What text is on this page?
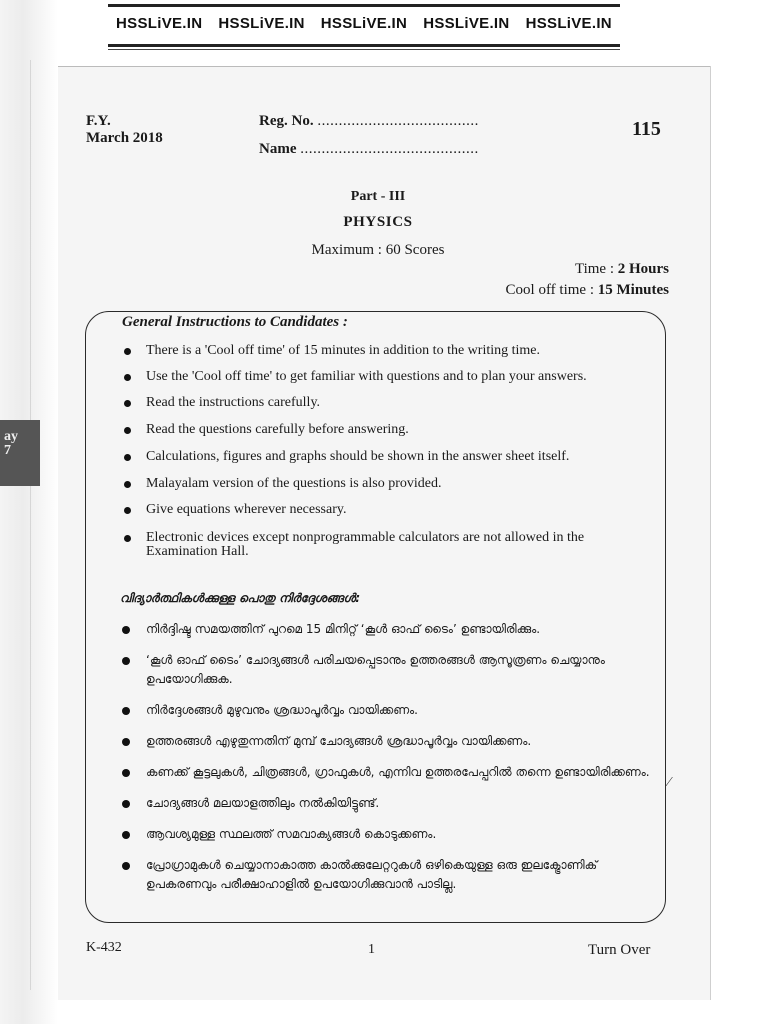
ay
7
HSSLiVE.IN HSSLiVE.IN HSSLiVE.IN HSSLiVE.IN HSSLiVE.IN
F.Y.
March 2018
Reg. No. ......................................
Name ..........................................
115
Part - III
PHYSICS
Maximum : 60 Scores
Time : 2 Hours
Cool off time : 15 Minutes
General Instructions to Candidates :
There is a 'Cool off time' of 15 minutes in addition to the writing time.
Use the 'Cool off time' to get familiar with questions and to plan your answers.
Read the instructions carefully.
Read the questions carefully before answering.
Calculations, figures and graphs should be shown in the answer sheet itself.
Malayalam version of the questions is also provided.
Give equations wherever necessary.
Electronic devices except nonprogrammable calculators are not allowed in the Examination Hall.
വിദ്യാർത്ഥികൾക്കുള്ള പൊതു നിർദ്ദേശങ്ങൾ:
നിർദ്ദിഷ്ട സമയത്തിന് പുറമെ 15 മിനിറ്റ് ‘കൂൾ ഓഫ് ടൈം’ ഉണ്ടായിരിക്കും.
‘കൂൾ ഓഫ് ടൈം’ ചോദ്യങ്ങൾ പരിചയപ്പെടാനും ഉത്തരങ്ങൾ ആസൂത്രണം ചെയ്യാനും ഉപയോഗിക്കുക.
നിർദ്ദേശങ്ങൾ മുഴുവനും ശ്രദ്ധാപൂർവ്വം വായിക്കണം.
ഉത്തരങ്ങൾ എഴുതുന്നതിന് മുമ്പ് ചോദ്യങ്ങൾ ശ്രദ്ധാപൂർവ്വം വായിക്കണം.
കണക്ക് കൂട്ടലുകൾ, ചിത്രങ്ങൾ, ഗ്രാഫുകൾ, എന്നിവ ഉത്തരപേപ്പറിൽ തന്നെ ഉണ്ടായിരിക്കണം.
ചോദ്യങ്ങൾ മലയാളത്തിലും നൽകിയിട്ടുണ്ട്.
ആവശ്യമുള്ള സ്ഥലത്ത് സമവാക്യങ്ങൾ കൊടുക്കണം.
പ്രോഗ്രാമുകൾ ചെയ്യാനാകാത്ത കാൽക്കുലേറ്ററുകൾ ഒഴികെയുള്ള ഒരു ഇലക്ട്രോണിക് ഉപകരണവും പരീക്ഷാഹാളിൽ ഉപയോഗിക്കുവാൻ പാടില്ല.
⁄
K-432	1	Turn Over
